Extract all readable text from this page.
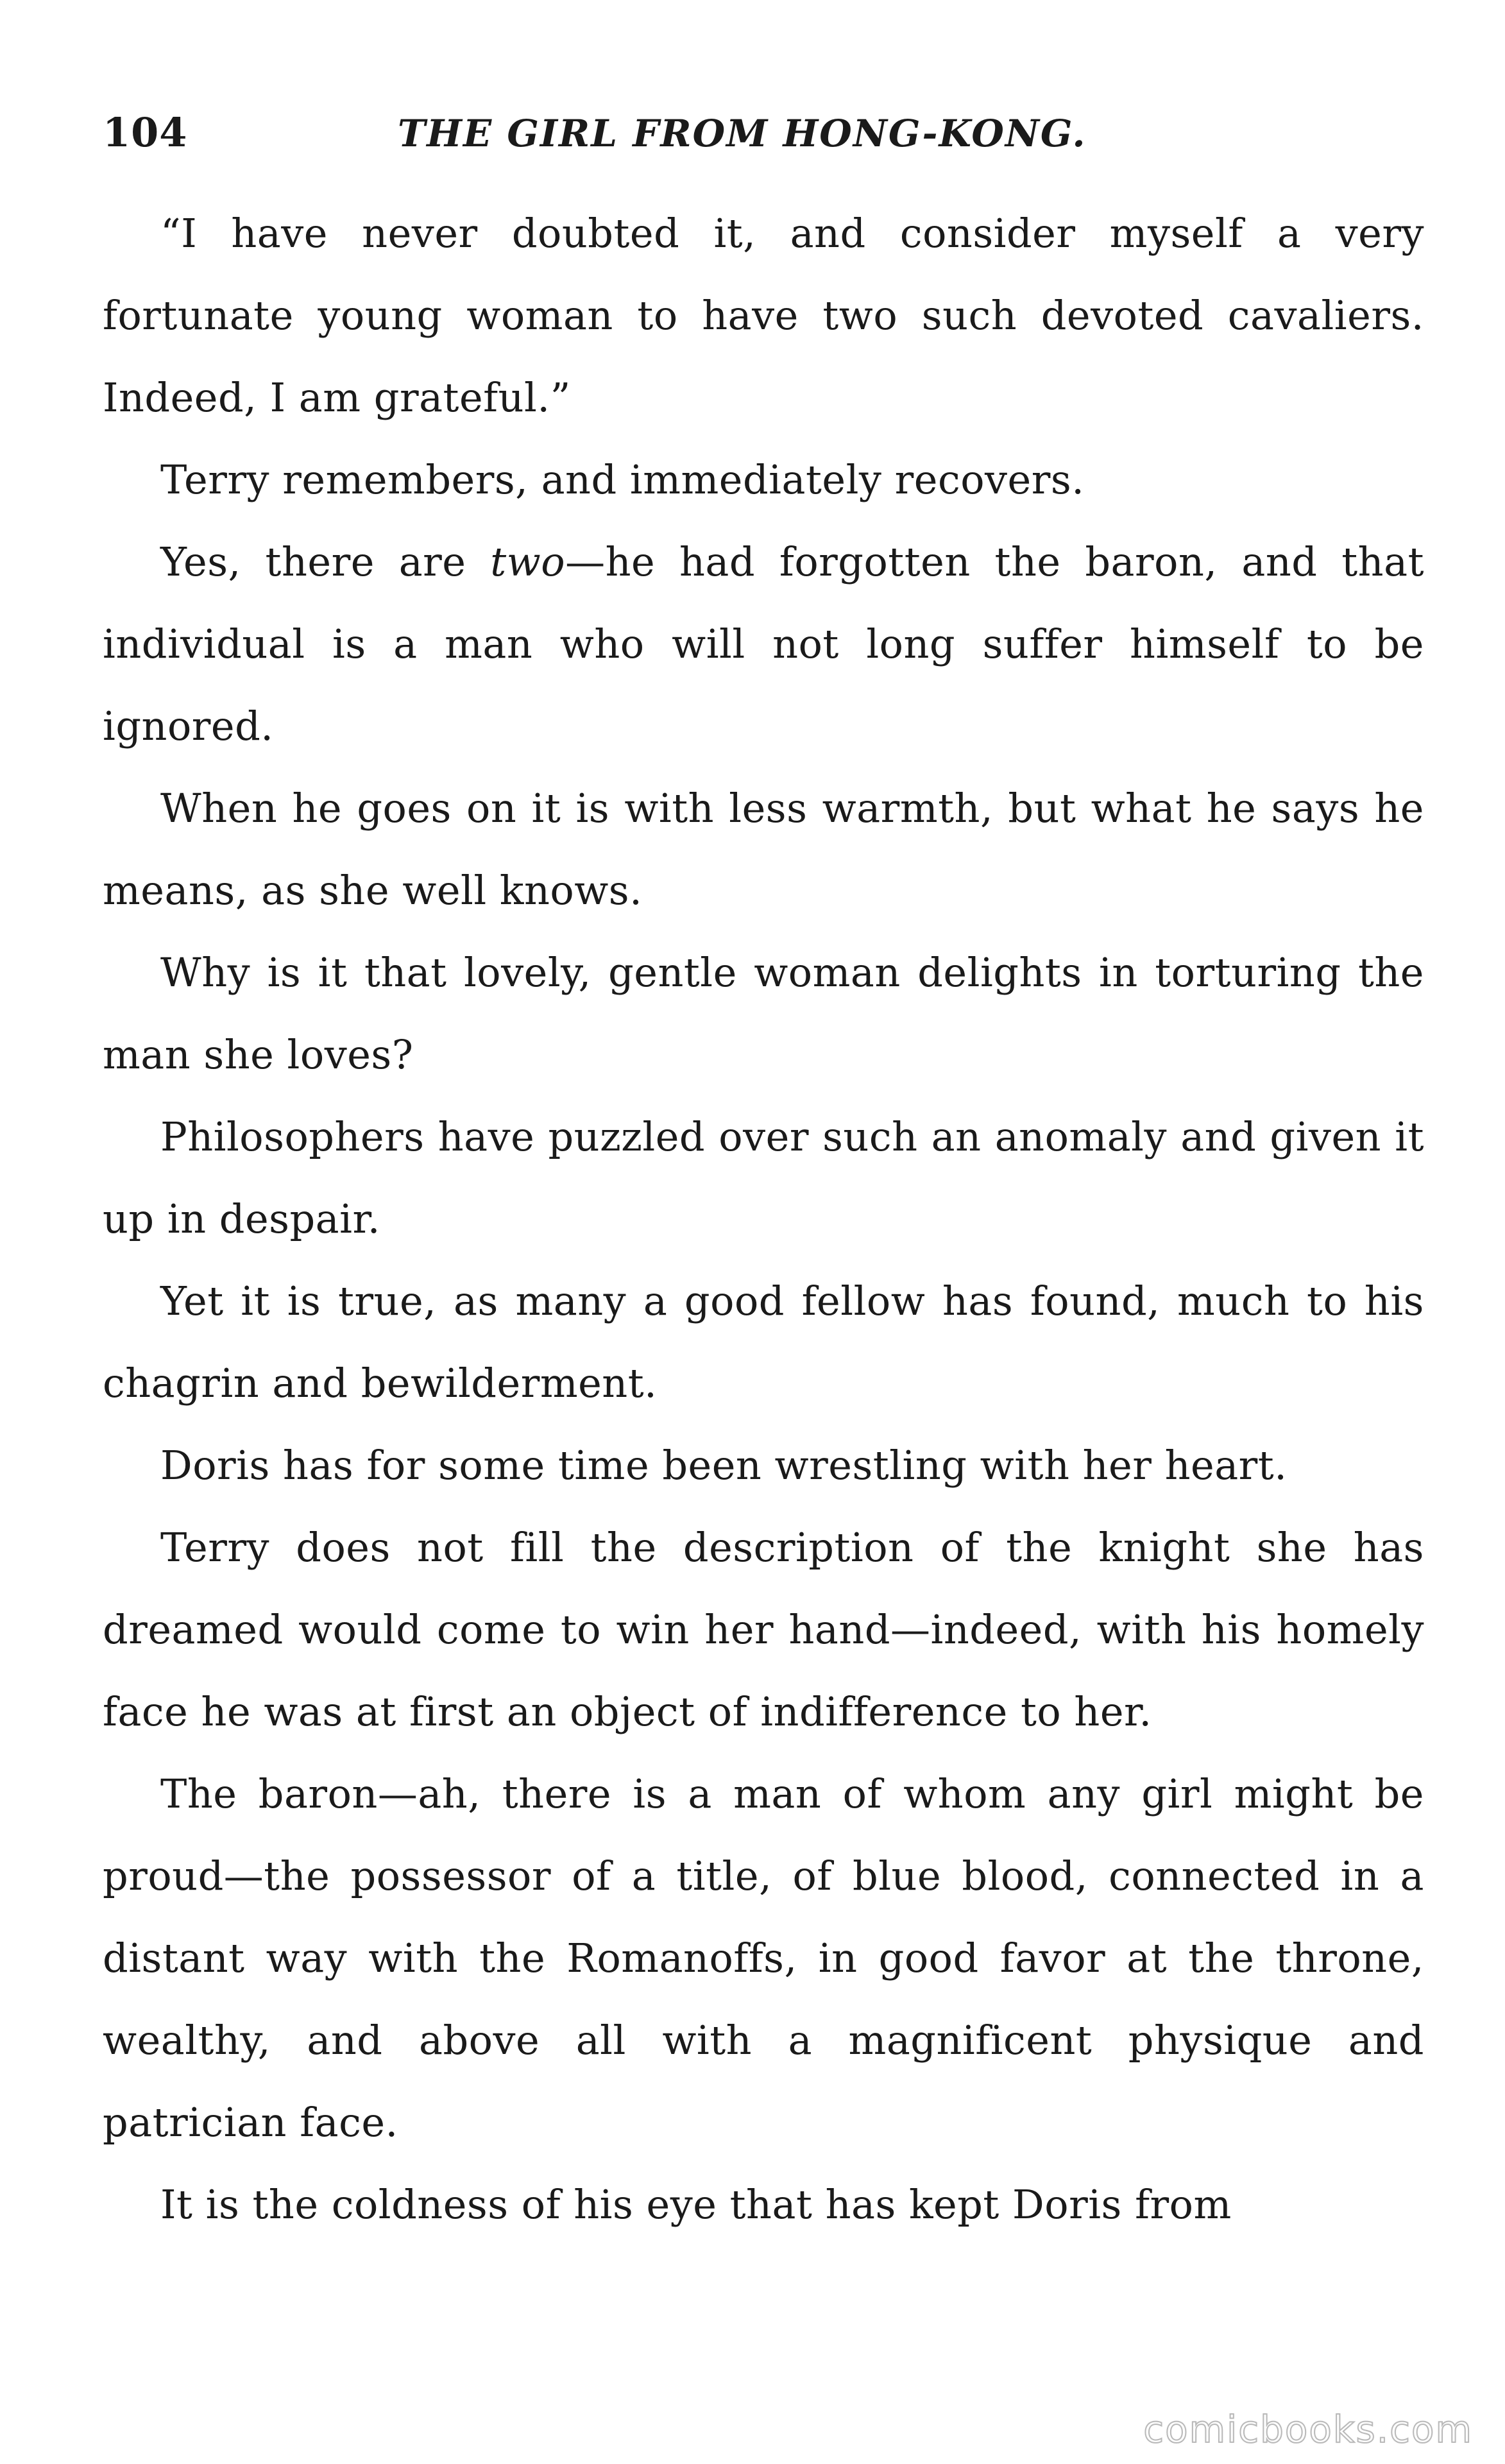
104	THE GIRL FROM HONG-KONG.

“I have never doubted it, and consider myself a very fortunate young woman to have two such devoted cavaliers. Indeed, I am grateful.”

Terry remembers, and immediately recovers.

Yes, there are two—he had forgotten the baron, and that individual is a man who will not long suffer himself to be ignored.

When he goes on it is with less warmth, but what he says he means, as she well knows.

Why is it that lovely, gentle woman delights in torturing the man she loves?

Philosophers have puzzled over such an anomaly and given it up in despair.

Yet it is true, as many a good fellow has found, much to his chagrin and bewilderment.

Doris has for some time been wrestling with her heart.

Terry does not fill the description of the knight she has dreamed would come to win her hand—indeed, with his homely face he was at first an object of indifference to her.

The baron—ah, there is a man of whom any girl might be proud—the possessor of a title, of blue blood, connected in a distant way with the Romanoffs, in good favor at the throne, wealthy, and above all with a magnificent physique and patrician face.

It is the coldness of his eye that has kept Doris from

comicbooks.com
